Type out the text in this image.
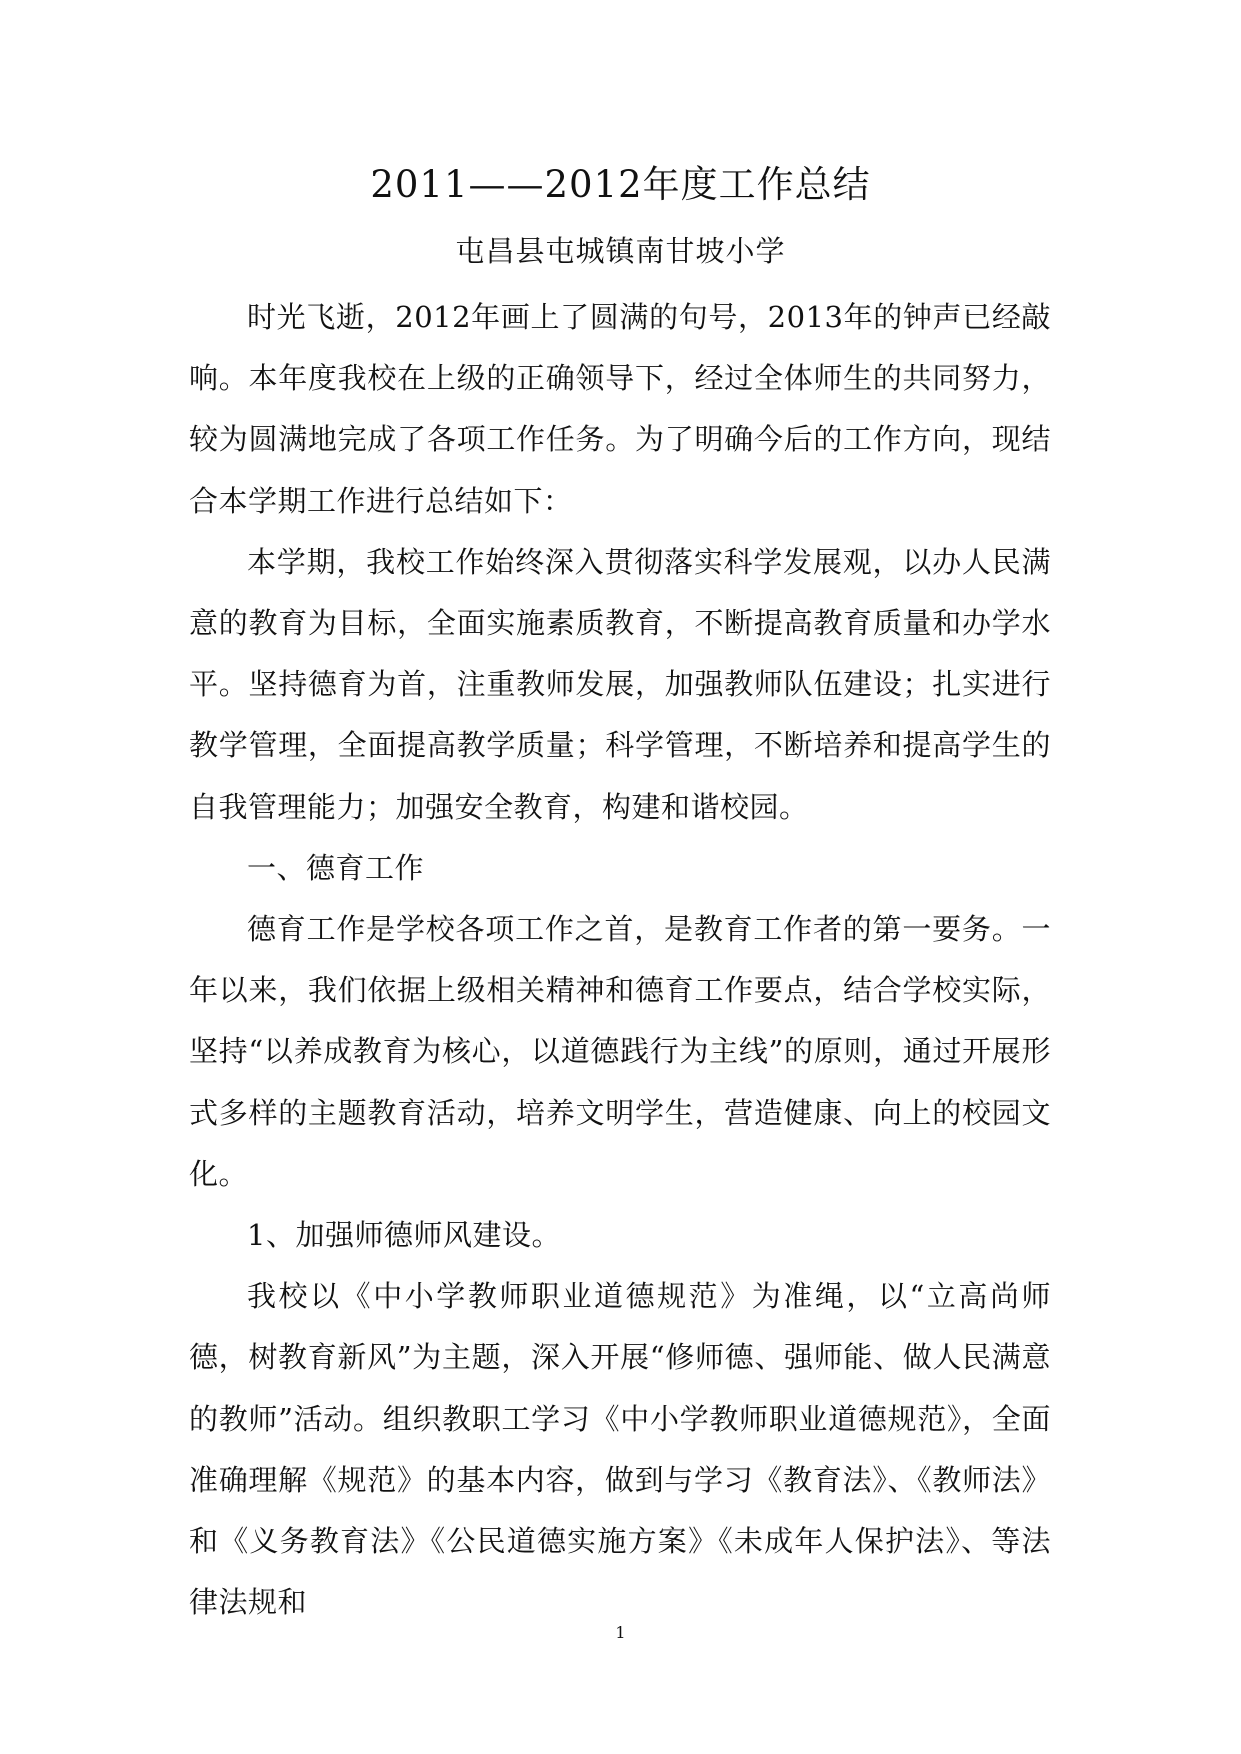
2011——2012年度工作总结

屯昌县屯城镇南甘坡小学

时光飞逝，2012年画上了圆满的句号，2013年的钟声已经敲响。本年度我校在上级的正确领导下，经过全体师生的共同努力，较为圆满地完成了各项工作任务。为了明确今后的工作方向，现结合本学期工作进行总结如下：

本学期，我校工作始终深入贯彻落实科学发展观，以办人民满意的教育为目标，全面实施素质教育，不断提高教育质量和办学水平。坚持德育为首，注重教师发展，加强教师队伍建设；扎实进行教学管理，全面提高教学质量；科学管理，不断培养和提高学生的自我管理能力；加强安全教育，构建和谐校园。

一、德育工作

德育工作是学校各项工作之首，是教育工作者的第一要务。一年以来，我们依据上级相关精神和德育工作要点，结合学校实际，坚持“以养成教育为核心，以道德践行为主线”的原则，通过开展形式多样的主题教育活动，培养文明学生，营造健康、向上的校园文化。

1、加强师德师风建设。

我校以《中小学教师职业道德规范》为准绳，以“立高尚师德，树教育新风”为主题，深入开展“修师德、强师能、做人民满意的教师”活动。组织教职工学习《中小学教师职业道德规范》，全面准确理解《规范》的基本内容，做到与学习《教育法》、《教师法》和《义务教育法》《公民道德实施方案》《未成年人保护法》、等法律法规和

1
